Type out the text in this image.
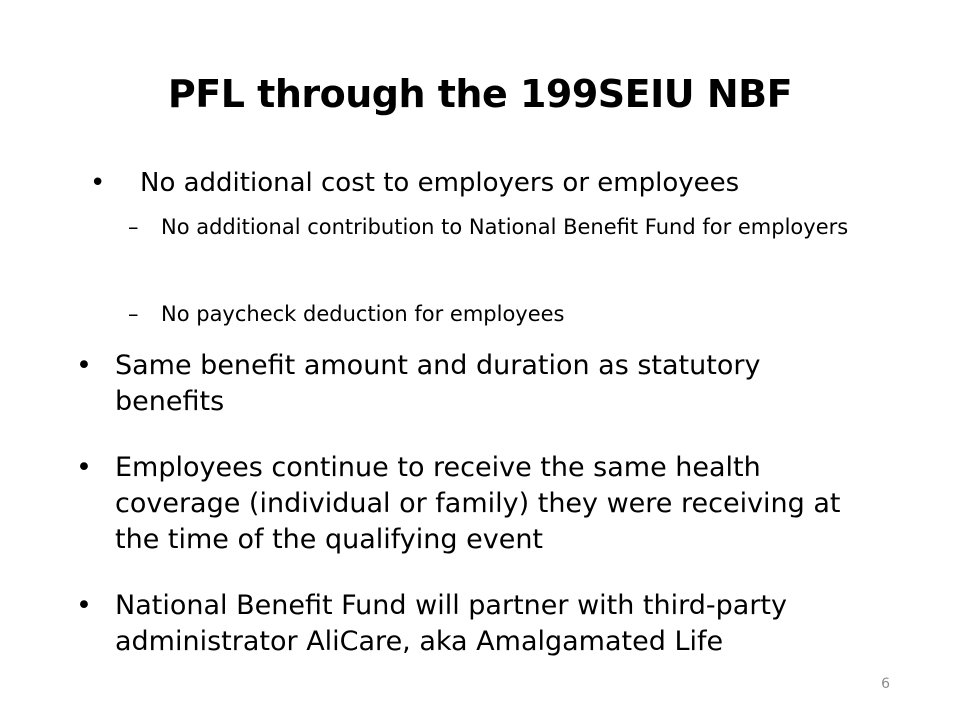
PFL through the 199SEIU NBF
• No additional cost to employers or employees
– No additional contribution to National Benefit Fund for employers
– No paycheck deduction for employees
• Same benefit amount and duration as statutory benefits
• Employees continue to receive the same health coverage (individual or family) they were receiving at the time of the qualifying event
• National Benefit Fund will partner with third-party administrator AliCare, aka Amalgamated Life
6
